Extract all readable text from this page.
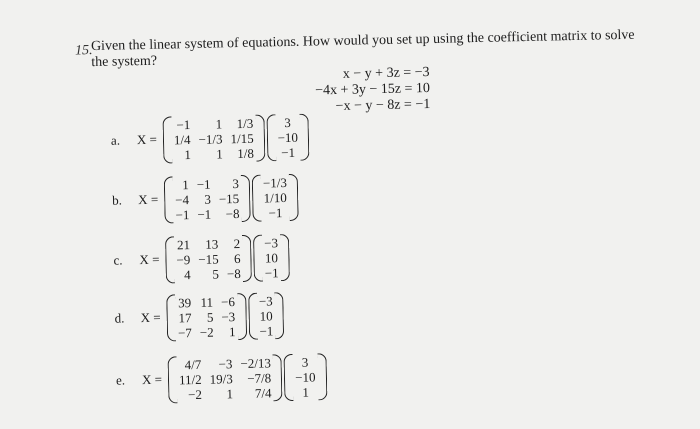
15.
Given the linear system of equations. How would you set up using the coefficient matrix to solve the system?
x − y + 3z = −3
−4x + 3y − 15z = 10
−x − y − 8z = −1
a.	X =
−1	1	1/3
1/4 −1/3 1/15
1	1	1/8
3
−10
−1
b.	X =
1 −1	3
−4	3 −15
−1 −1	−8
−1/3
1/10
−1
c.	X =
21	13	2
−9 −15	6
4	5 −8
−3
10
−1
d.	X =
39 11 −6
17	5 −3
−7 −2	1
−3
10
−1
e.	X =
4/7	−3 −2/13
11/2 19/3	−7/8
−2	1	7/4
3
−10
1
